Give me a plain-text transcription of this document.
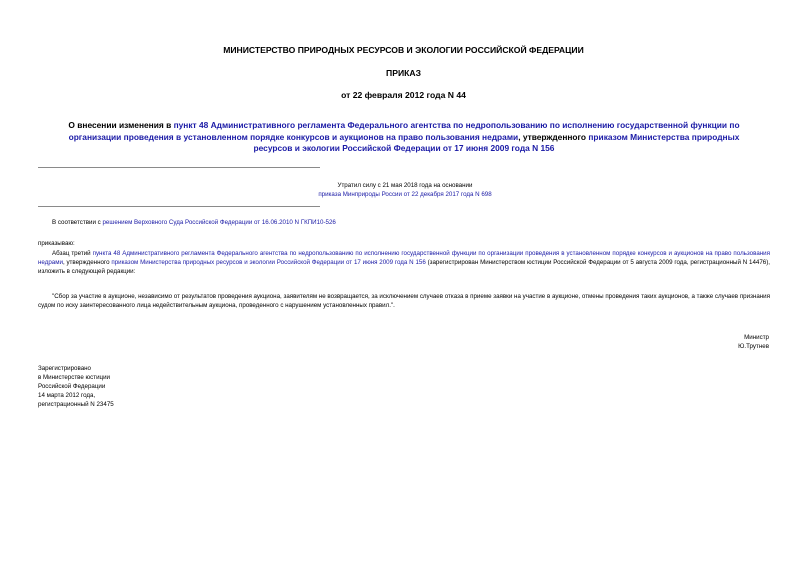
МИНИСТЕРСТВО ПРИРОДНЫХ РЕСУРСОВ И ЭКОЛОГИИ РОССИЙСКОЙ ФЕДЕРАЦИИ
ПРИКАЗ
от 22 февраля 2012 года N 44
О внесении изменения в пункт 48 Административного регламента Федерального агентства по недропользованию по исполнению государственной функции по организации проведения в установленном порядке конкурсов и аукционов на право пользования недрами, утвержденного приказом Министерства природных ресурсов и экологии Российской Федерации от 17 июня 2009 года N 156
Утратил силу с 21 мая 2018 года на основании
приказа Минприроды России от 22 декабря 2017 года N 698
В соответствии с решением Верховного Суда Российской Федерации от 16.06.2010 N ГКПИ10-526
приказываю:
Абзац третий пункта 48 Административного регламента Федерального агентства по недропользованию по исполнению государственной функции по организации проведения в установленном порядке конкурсов и аукционов на право пользования недрами, утвержденного приказом Министерства природных ресурсов и экологии Российской Федерации от 17 июня 2009 года N 156 (зарегистрирован Министерством юстиции Российской Федерации от 5 августа 2009 года, регистрационный N 14476), изложить в следующей редакции:
"Сбор за участие в аукционе, независимо от результатов проведения аукциона, заявителям не возвращается, за исключением случаев отказа в приеме заявки на участие в аукционе, отмены проведения таких аукционов, а также случаев признания судом по иску заинтересованного лица недействительным аукциона, проведенного с нарушением установленных правил.".
Министр
Ю.Трутнев
Зарегистрировано
в Министерстве юстиции
Российской Федерации
14 марта 2012 года,
регистрационный N 23475
